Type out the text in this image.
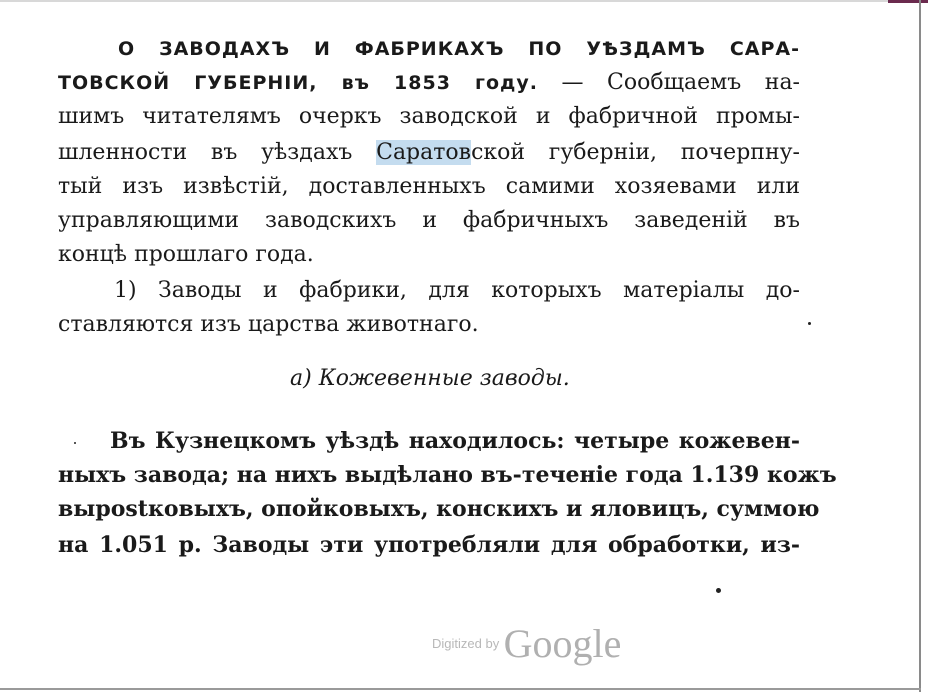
О ЗАВОДАХЪ И ФАБРИКАХЪ ПО УѢЗДАМЪ САРА-
ТОВСКОЙ ГУБЕРНІИ, въ 1853 году. — Сообщаемъ на-
шимъ читателямъ очеркъ заводской и фабричной промы-
шленности въ уѣздахъ Саратовской губерніи, почерпну-
тый изъ извѣстій, доставленныхъ самими хозяевами или
управляющими заводскихъ и фабричныхъ заведеній въ
концѣ прошлаго года.
1) Заводы и фабрики, для которыхъ матеріалы до-
ставляются изъ царства животнаго.
а) Кожевенные заводы.
Въ Кузнецкомъ уѣздѣ находилось: четыре кожевен-
ныхъ завода; на нихъ выдѣлано въ-теченіе года 1.139 кожъ
вырostковыхъ, опойковыхъ, конскихъ и яловицъ, суммою
на 1.051 р. Заводы эти употребляли для обработки, из-
Digitized by Google
